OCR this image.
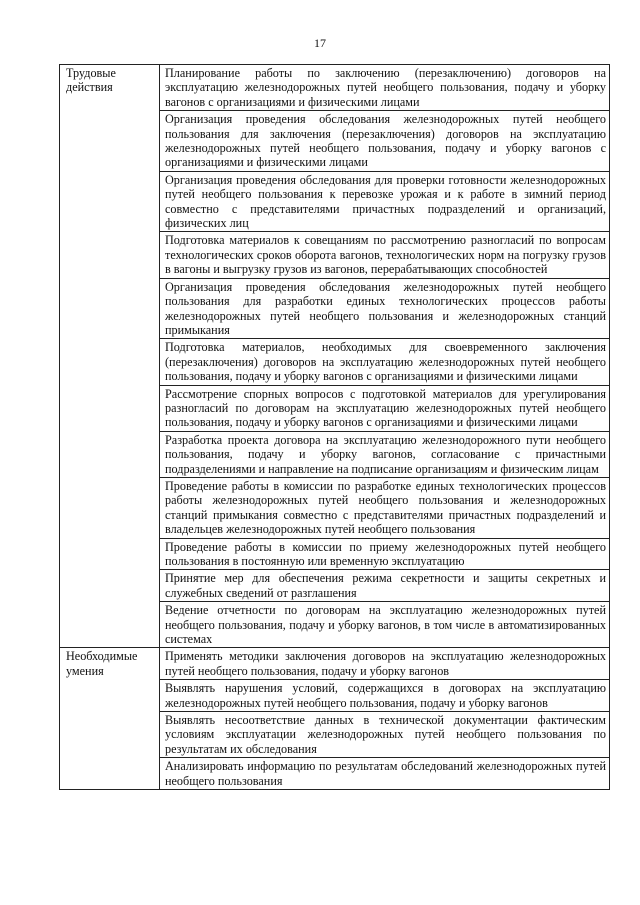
17
Трудовые действия	Планирование работы по заключению (перезаключению) договоров на эксплуатацию железнодорожных путей необщего пользования, подачу и уборку вагонов с организациями и физическими лицами
	Организация проведения обследования железнодорожных путей необщего пользования для заключения (перезаключения) договоров на эксплуатацию железнодорожных путей необщего пользования, подачу и уборку вагонов с организациями и физическими лицами
	Организация проведения обследования для проверки готовности железнодорожных путей необщего пользования к перевозке урожая и к работе в зимний период совместно с представителями причастных подразделений и организаций, физических лиц
	Подготовка материалов к совещаниям по рассмотрению разногласий по вопросам технологических сроков оборота вагонов, технологических норм на погрузку грузов в вагоны и выгрузку грузов из вагонов, перерабатывающих способностей
	Организация проведения обследования железнодорожных путей необщего пользования для разработки единых технологических процессов работы железнодорожных путей необщего пользования и железнодорожных станций примыкания
	Подготовка материалов, необходимых для своевременного заключения (перезаключения) договоров на эксплуатацию железнодорожных путей необщего пользования, подачу и уборку вагонов с организациями и физическими лицами
	Рассмотрение спорных вопросов с подготовкой материалов для урегулирования разногласий по договорам на эксплуатацию железнодорожных путей необщего пользования, подачу и уборку вагонов с организациями и физическими лицами
	Разработка проекта договора на эксплуатацию железнодорожного пути необщего пользования, подачу и уборку вагонов, согласование с причастными подразделениями и направление на подписание организациям и физическим лицам
	Проведение работы в комиссии по разработке единых технологических процессов работы железнодорожных путей необщего пользования и железнодорожных станций примыкания совместно с представителями причастных подразделений и владельцев железнодорожных путей необщего пользования
	Проведение работы в комиссии по приему железнодорожных путей необщего пользования в постоянную или временную эксплуатацию
	Принятие мер для обеспечения режима секретности и защиты секретных и служебных сведений от разглашения
	Ведение отчетности по договорам на эксплуатацию железнодорожных путей необщего пользования, подачу и уборку вагонов, в том числе в автоматизированных системах
Необходимые умения	Применять методики заключения договоров на эксплуатацию железнодорожных путей необщего пользования, подачу и уборку вагонов
	Выявлять нарушения условий, содержащихся в договорах на эксплуатацию железнодорожных путей необщего пользования, подачу и уборку вагонов
	Выявлять несоответствие данных в технической документации фактическим условиям эксплуатации железнодорожных путей необщего пользования по результатам их обследования
	Анализировать информацию по результатам обследований железнодорожных путей необщего пользования
